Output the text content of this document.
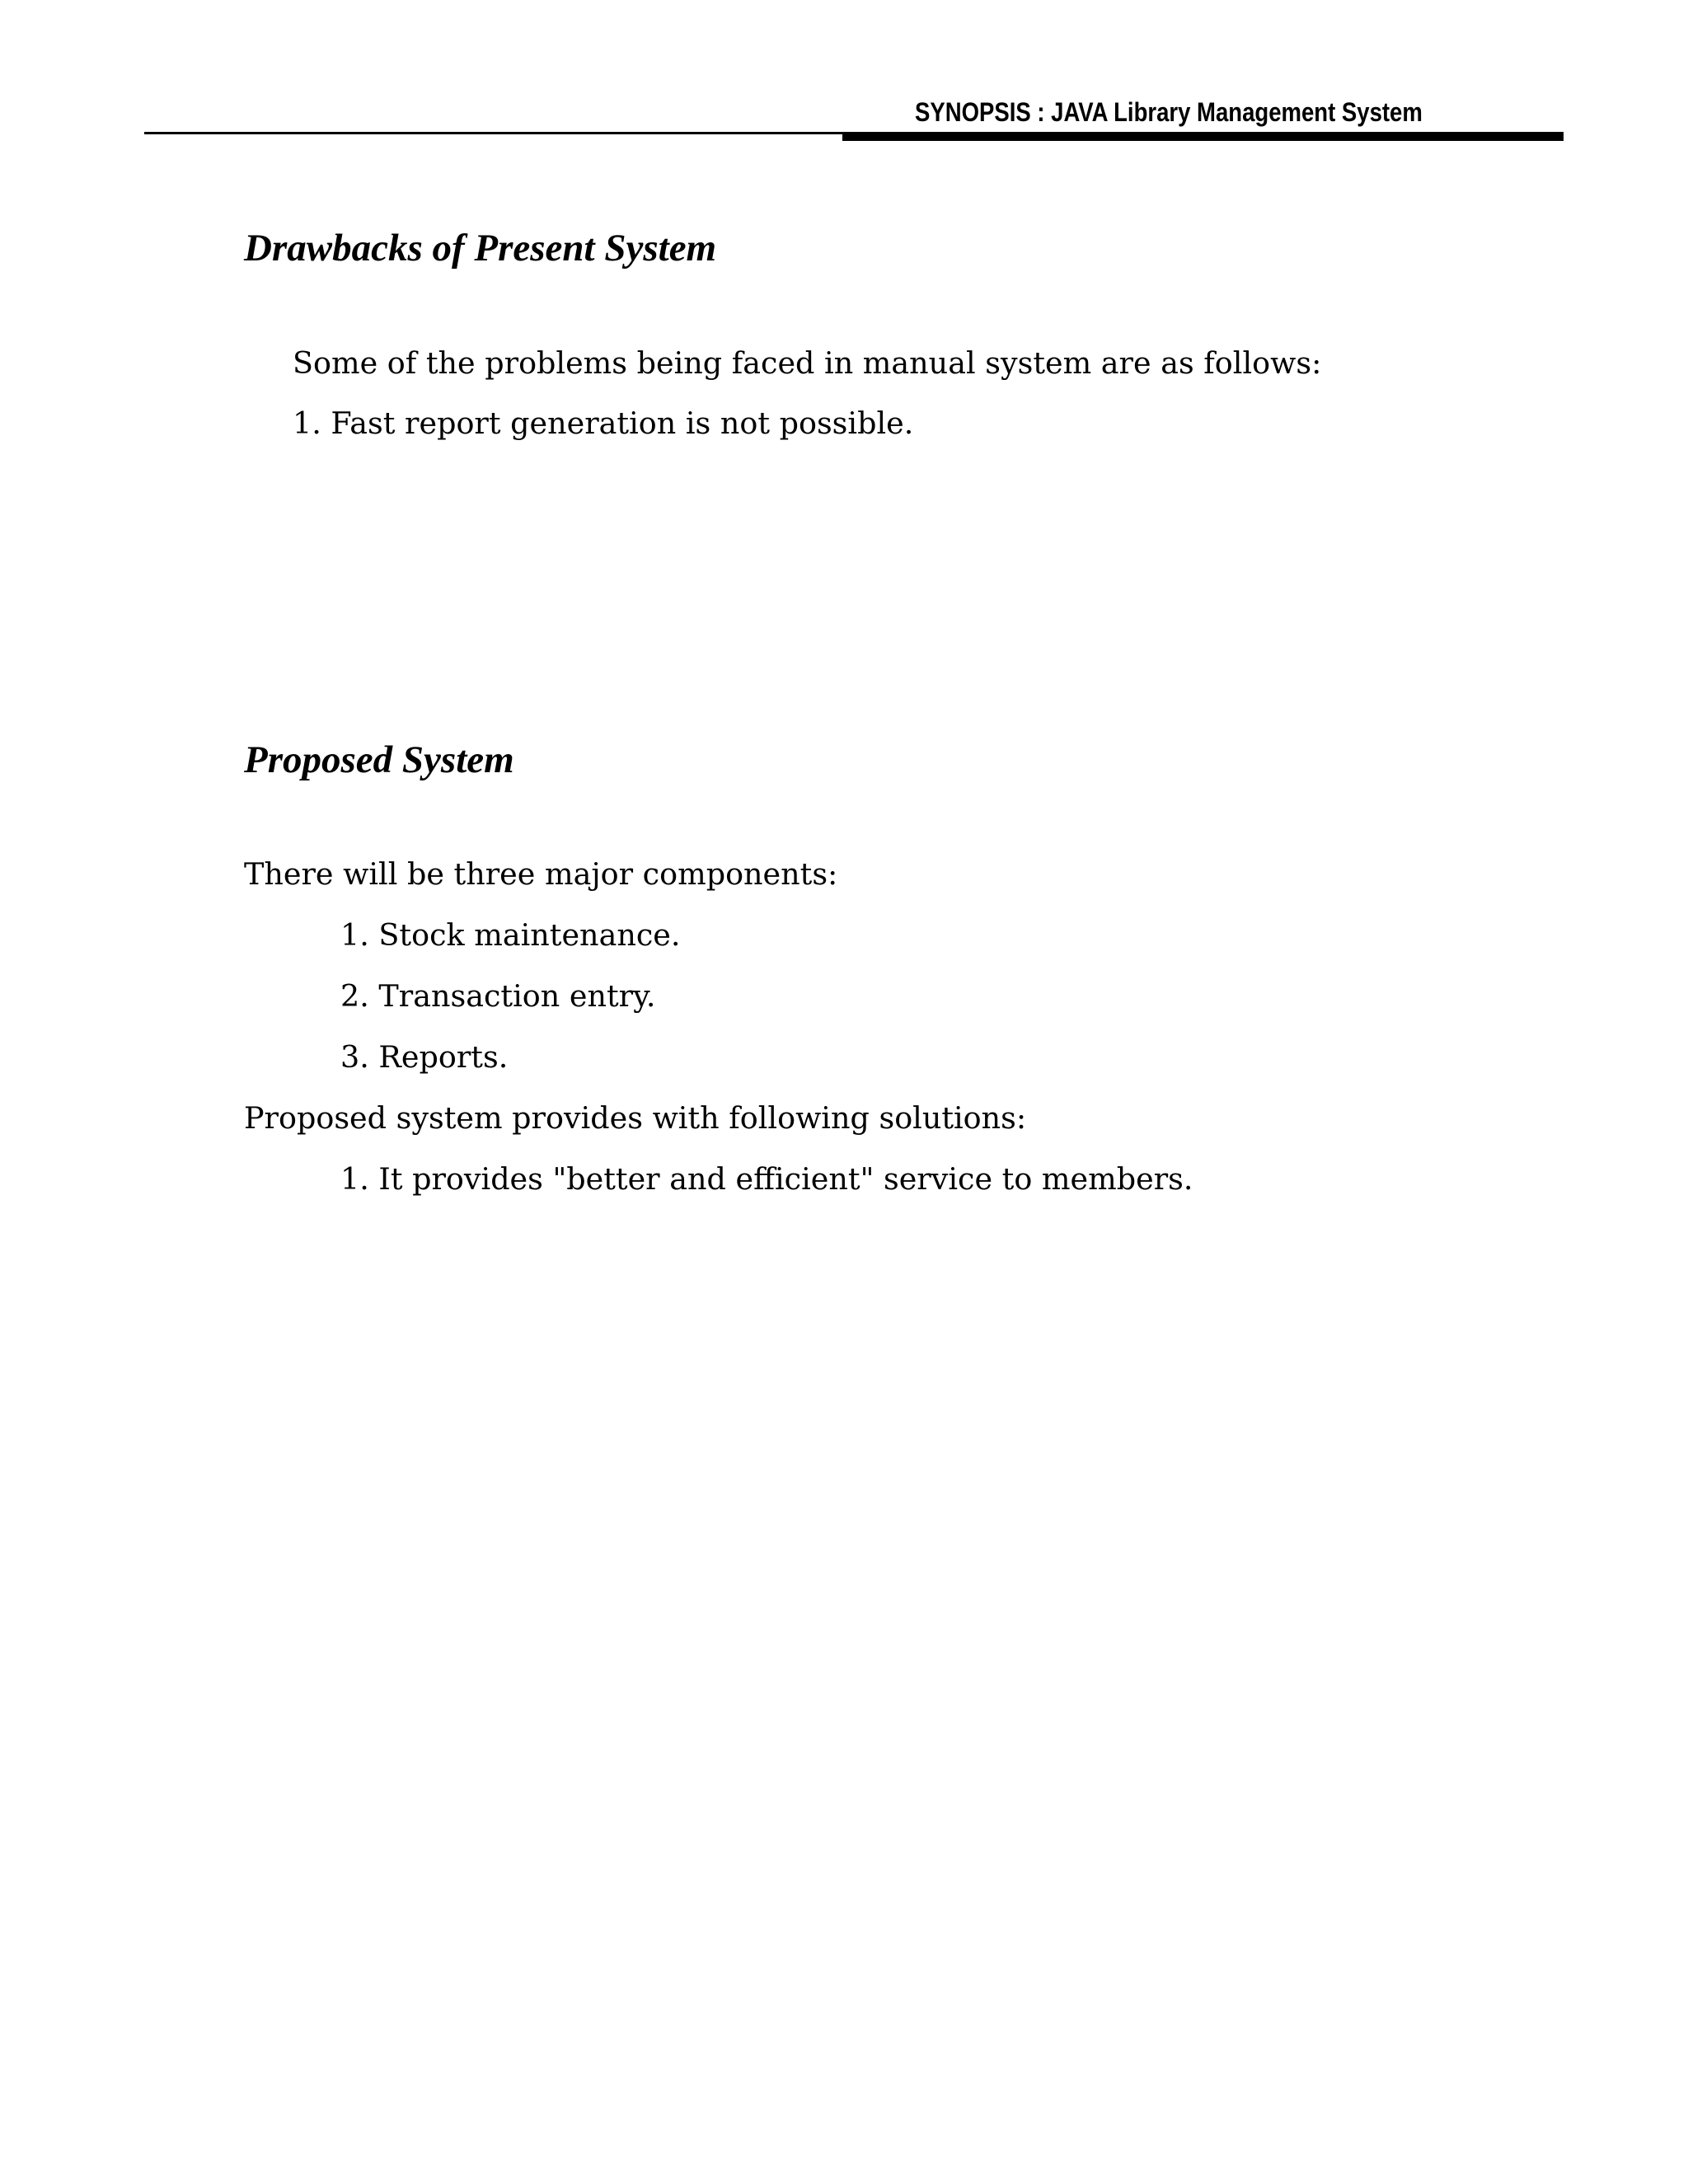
SYNOPSIS : JAVA Library Management System
Drawbacks of Present System
Some of the problems being faced in manual system are as follows:
1. Fast report generation is not possible.
Proposed System
There will be three major components:
1. Stock maintenance.
2. Transaction entry.
3. Reports.
Proposed system provides with following solutions:
1. It provides "better and efficient" service to members.
